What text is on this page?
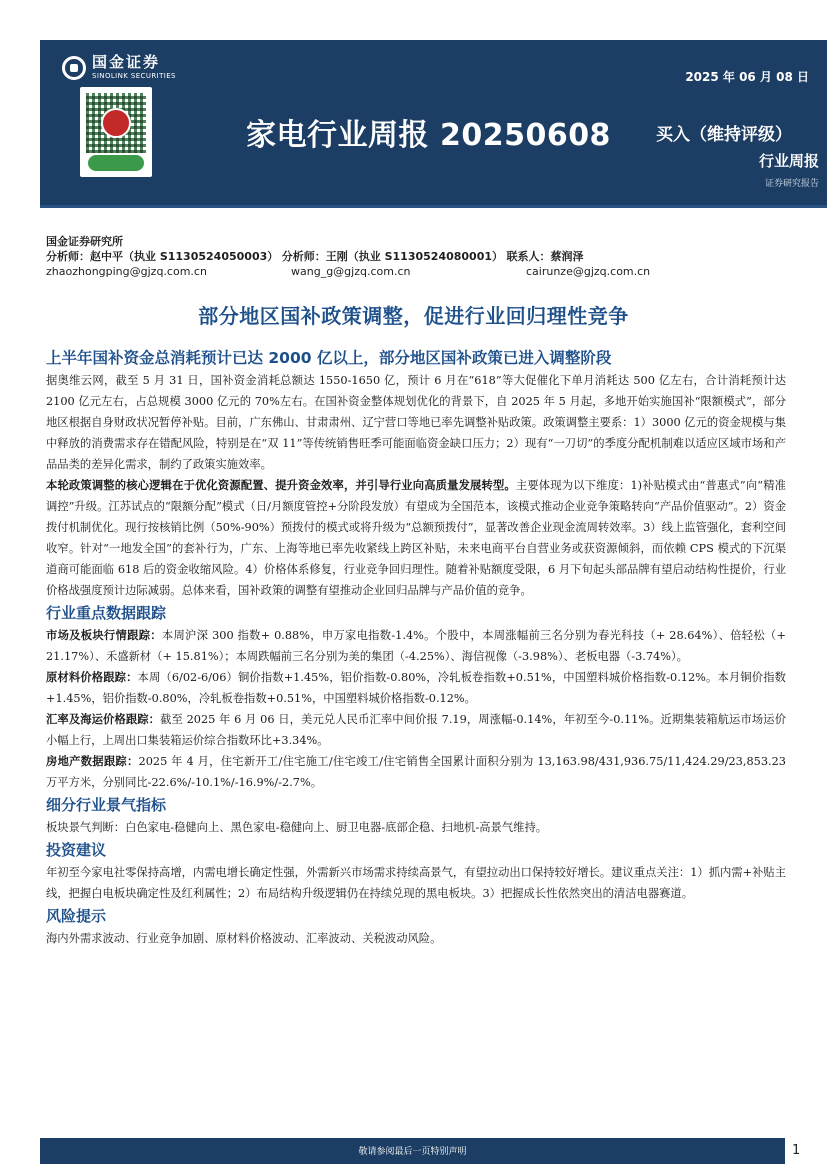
国金证券
SINOLINK SECURITIES	2025 年 06 月 08 日
家电行业周报 20250608	买入（维持评级）
行业周报
证券研究报告
国金证券研究所
分析师：赵中平（执业 S1130524050003） 分析师：王刚（执业 S1130524080001） 联系人：蔡润泽
zhaozhongping@gjzq.com.cn	wang_g@gjzq.com.cn	cairunze@gjzq.com.cn
部分地区国补政策调整，促进行业回归理性竞争
上半年国补资金总消耗预计已达 2000 亿以上，部分地区国补政策已进入调整阶段

据奥维云网，截至 5 月 31 日，国补资金消耗总额达 1550-1650 亿，预计 6 月在“618”等大促催化下单月消耗达 500 亿左右，合计消耗预计达 2100 亿元左右，占总规模 3000 亿元的 70%左右。在国补资金整体规划优化的背景下，自 2025 年 5 月起，多地开始实施国补“限额模式”，部分地区根据自身财政状况暂停补贴。目前，广东佛山、甘肃肃州、辽宁营口等地已率先调整补贴政策。政策调整主要系：1）3000 亿元的资金规模与集中释放的消费需求存在错配风险，特别是在“双 11”等传统销售旺季可能面临资金缺口压力；2）现有“一刀切”的季度分配机制难以适应区域市场和产品品类的差异化需求，制约了政策实施效率。

本轮政策调整的核心逻辑在于优化资源配置、提升资金效率，并引导行业向高质量发展转型。主要体现为以下维度：1)补贴模式由“普惠式”向“精准调控”升级。江苏试点的“限额分配”模式（日/月额度管控+分阶段发放）有望成为全国范本，该模式推动企业竞争策略转向“产品价值驱动”。2）资金拨付机制优化。现行按核销比例（50%-90%）预拨付的模式或将升级为“总额预拨付”，显著改善企业现金流周转效率。3）线上监管强化，套利空间收窄。针对“一地发全国”的套补行为，广东、上海等地已率先收紧线上跨区补贴，未来电商平台自营业务或获资源倾斜，而依赖 CPS 模式的下沉渠道商可能面临 618 后的资金收缩风险。4）价格体系修复，行业竞争回归理性。随着补贴额度受限，6 月下旬起头部品牌有望启动结构性提价，行业价格战强度预计边际减弱。总体来看，国补政策的调整有望推动企业回归品牌与产品价值的竞争。

行业重点数据跟踪

市场及板块行情跟踪：本周沪深 300 指数+ 0.88%，申万家电指数-1.4%。个股中，本周涨幅前三名分别为春光科技（+ 28.64%）、倍轻松（+ 21.17%）、禾盛新材（+ 15.81%）；本周跌幅前三名分别为美的集团（-4.25%）、海信视像（-3.98%）、老板电器（-3.74%）。

原材料价格跟踪：本周（6/02-6/06）铜价指数+1.45%，铝价指数-0.80%，冷轧板卷指数+0.51%，中国塑料城价格指数-0.12%。本月铜价指数+1.45%，铝价指数-0.80%，冷轧板卷指数+0.51%，中国塑料城价格指数-0.12%。

汇率及海运价格跟踪：截至 2025 年 6 月 06 日，美元兑人民币汇率中间价报 7.19，周涨幅-0.14%，年初至今-0.11%。近期集装箱航运市场运价小幅上行，上周出口集装箱运价综合指数环比+3.34%。

房地产数据跟踪：2025 年 4 月，住宅新开工/住宅施工/住宅竣工/住宅销售全国累计面积分别为 13,163.98/431,936.75/11,424.29/23,853.23 万平方米，分别同比-22.6%/-10.1%/-16.9%/-2.7%。

细分行业景气指标

板块景气判断：白色家电-稳健向上、黑色家电-稳健向上、厨卫电器-底部企稳、扫地机-高景气维持。

投资建议

年初至今家电社零保持高增，内需电增长确定性强，外需新兴市场需求持续高景气，有望拉动出口保持较好增长。建议重点关注：1）抓内需+补贴主线，把握白电板块确定性及红利属性；2）布局结构升级逻辑仍在持续兑现的黑电板块。3）把握成长性依然突出的清洁电器赛道。

风险提示

海内外需求波动、行业竞争加剧、原材料价格波动、汇率波动、关税波动风险。

敬请参阅最后一页特别声明	1
